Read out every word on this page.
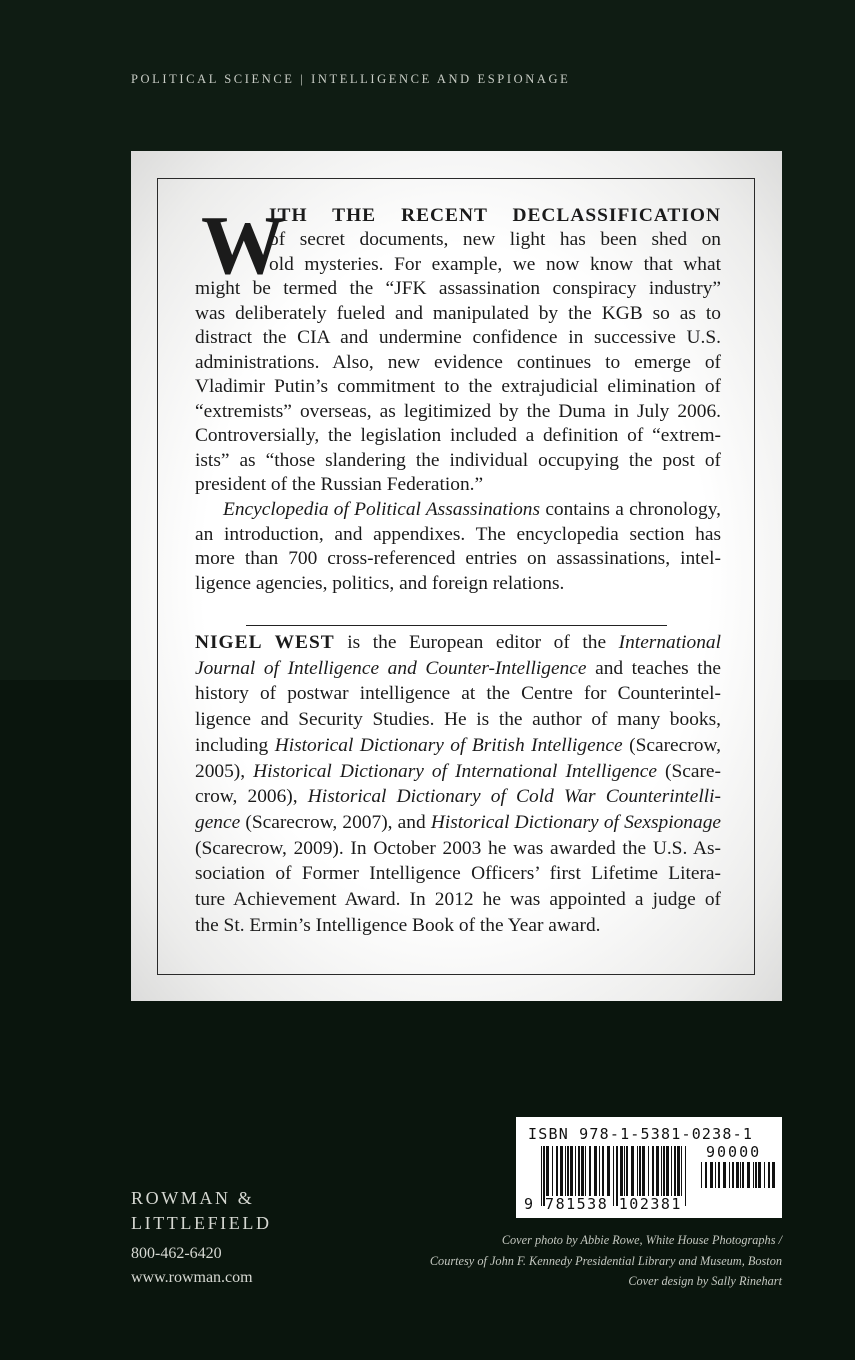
POLITICAL SCIENCE | INTELLIGENCE AND ESPIONAGE
W
ITH THE RECENT DECLASSIFICATION
of secret documents, new light has been shed on
old mysteries. For example, we now know that what
might be termed the “JFK assassination conspiracy industry”
was deliberately fueled and manipulated by the KGB so as to
distract the CIA and undermine confidence in successive U.S.
administrations. Also, new evidence continues to emerge of
Vladimir Putin’s commitment to the extrajudicial elimination of
“extremists” overseas, as legitimized by the Duma in July 2006.
Controversially, the legislation included a definition of “extrem-
ists” as “those slandering the individual occupying the post of
president of the Russian Federation.”
Encyclopedia of Political Assassinations contains a chronology,
an introduction, and appendixes. The encyclopedia section has
more than 700 cross-referenced entries on assassinations, intel-
ligence agencies, politics, and foreign relations.
NIGEL WEST is the European editor of the International
Journal of Intelligence and Counter-Intelligence and teaches the
history of postwar intelligence at the Centre for Counterintel-
ligence and Security Studies. He is the author of many books,
including Historical Dictionary of British Intelligence (Scarecrow,
2005), Historical Dictionary of International Intelligence (Scare-
crow, 2006), Historical Dictionary of Cold War Counterintelli-
gence (Scarecrow, 2007), and Historical Dictionary of Sexspionage
(Scarecrow, 2009). In October 2003 he was awarded the U.S. As-
sociation of Former Intelligence Officers’ first Lifetime Litera-
ture Achievement Award. In 2012 he was appointed a judge of
the St. Ermin’s Intelligence Book of the Year award.
ROWMAN &
LITTLEFIELD
800-462-6420
www.rowman.com
ISBN 978-1-5381-0238-1
9 781538 102381
90000
Cover photo by Abbie Rowe, White House Photographs /
Courtesy of John F. Kennedy Presidential Library and Museum, Boston
Cover design by Sally Rinehart
